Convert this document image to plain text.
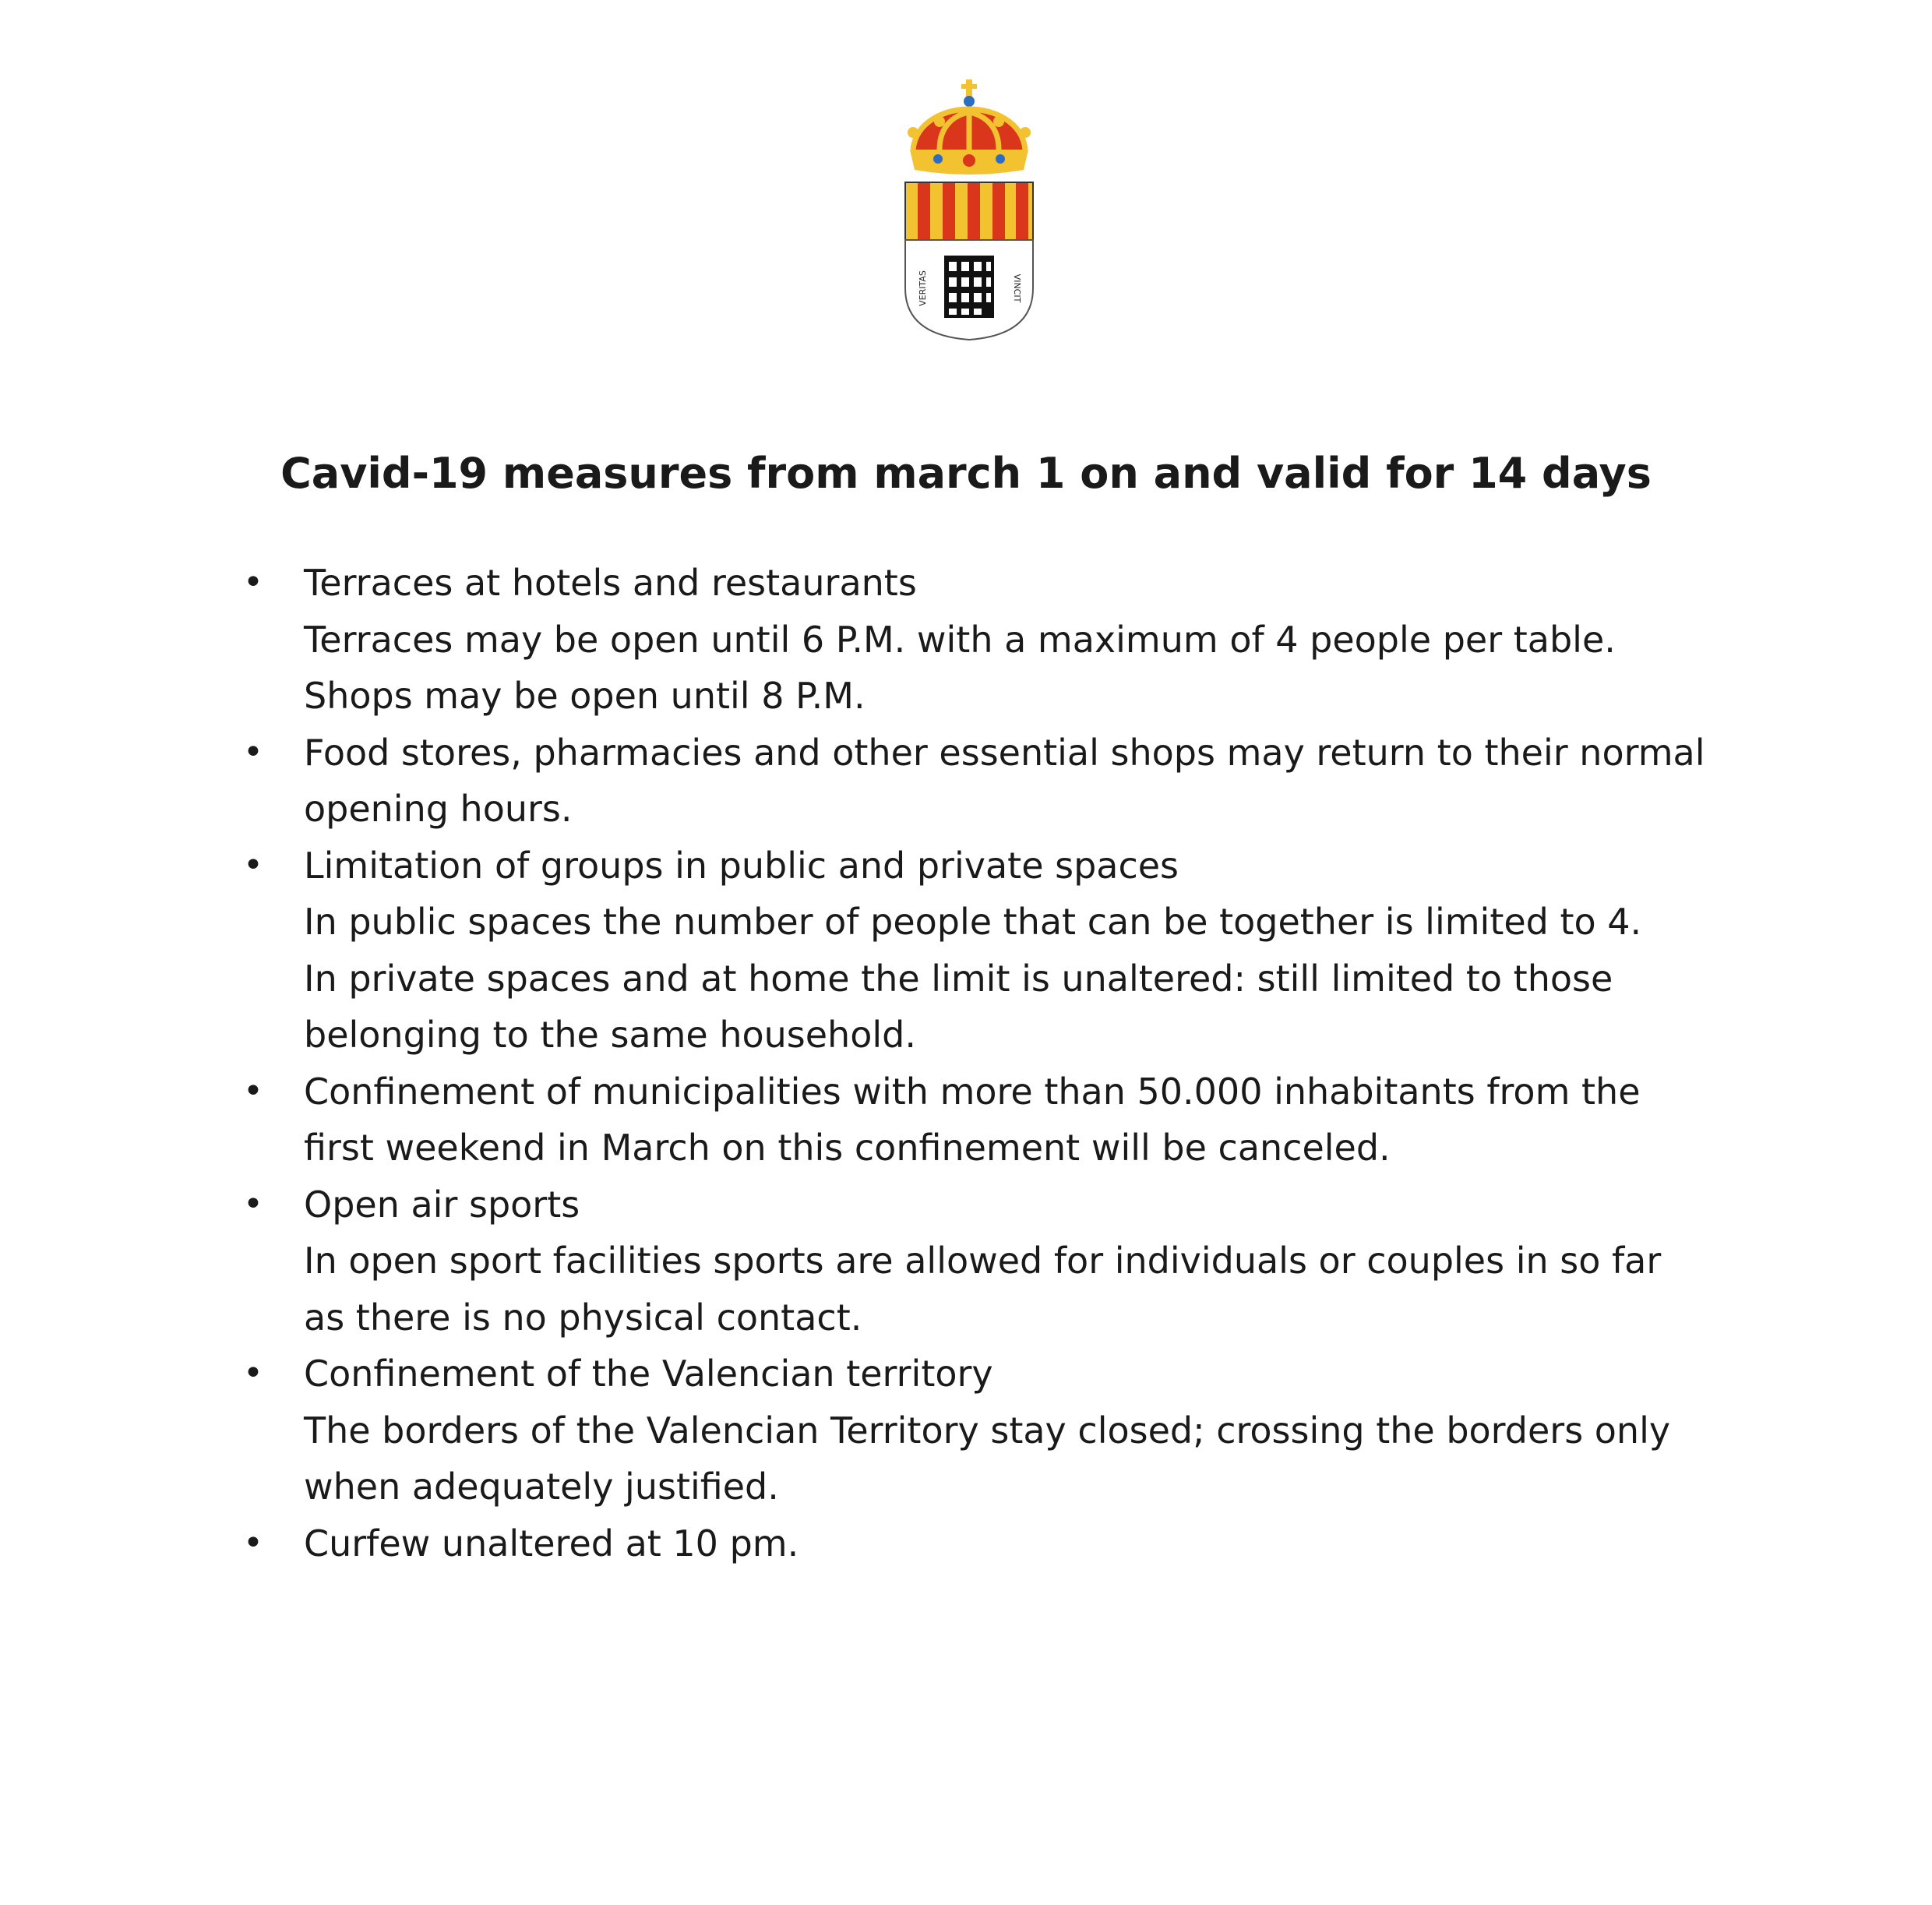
VERITAS	VINCIT
Cavid-19 measures from march 1 on and valid for 14 days
• Terraces at hotels and restaurants
Terraces may be open until 6 P.M. with a maximum of 4 people per table.
Shops may be open until 8 P.M.
• Food stores, pharmacies and other essential shops may return to their normal
opening hours.
• Limitation of groups in public and private spaces
In public spaces the number of people that can be together is limited to 4.
In private spaces and at home the limit is unaltered: still limited to those
belonging to the same household.
• Confinement of municipalities with more than 50.000 inhabitants from the
first weekend in March on this confinement will be canceled.
• Open air sports
In open sport facilities sports are allowed for individuals or couples in so far
as there is no physical contact.
• Confinement of the Valencian territory
The borders of the Valencian Territory stay closed; crossing the borders only
when adequately justified.
• Curfew unaltered at 10 pm.
